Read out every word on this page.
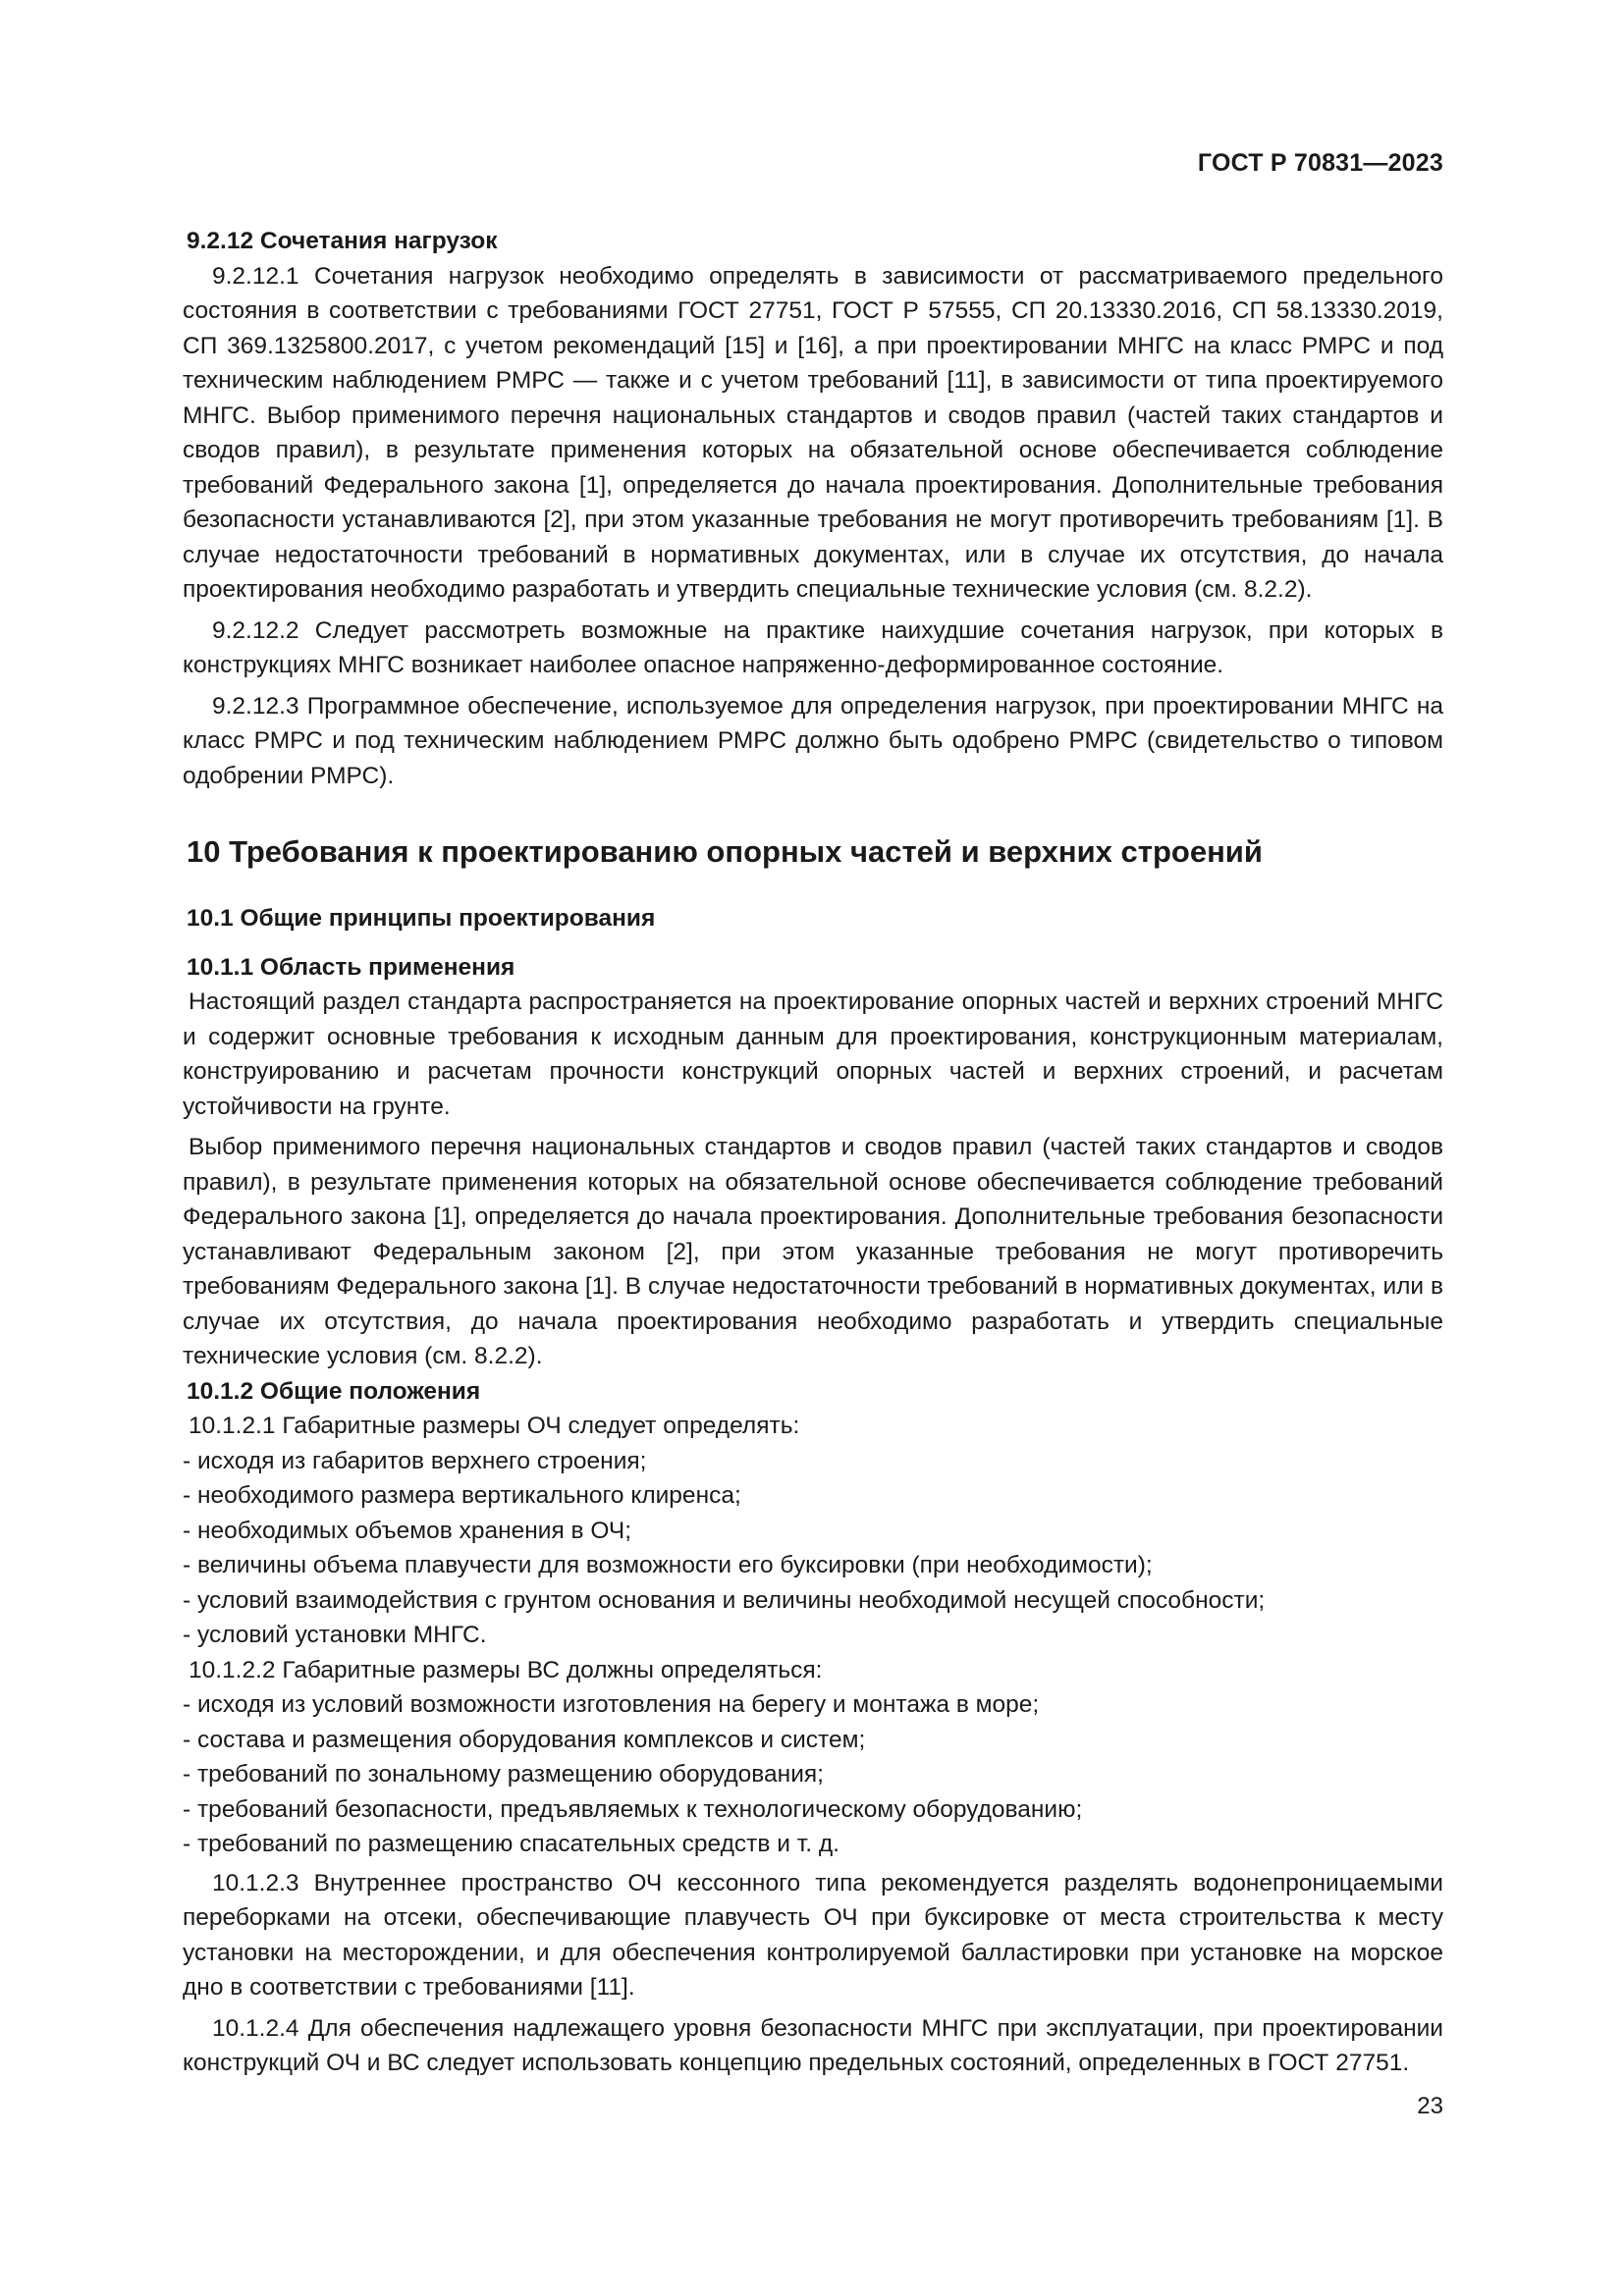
ГОСТ Р 70831—2023
9.2.12 Сочетания нагрузок

9.2.12.1 Сочетания нагрузок необходимо определять в зависимости от рассматриваемого предельного состояния в соответствии с требованиями ГОСТ 27751, ГОСТ Р 57555, СП 20.13330.2016, СП 58.13330.2019, СП 369.1325800.2017, с учетом рекомендаций [15] и [16], а при проектировании МНГС на класс РМРС и под техническим наблюдением РМРС — также и с учетом требований [11], в зависимости от типа проектируемого МНГС. Выбор применимого перечня национальных стандартов и сводов правил (частей таких стандартов и сводов правил), в результате применения которых на обязательной основе обеспечивается соблюдение требований Федерального закона [1], определяется до начала проектирования. Дополнительные требования безопасности устанавливаются [2], при этом указанные требования не могут противоречить требованиям [1]. В случае недостаточности требований в нормативных документах, или в случае их отсутствия, до начала проектирования необходимо разработать и утвердить специальные технические условия (см. 8.2.2).

9.2.12.2 Следует рассмотреть возможные на практике наихудшие сочетания нагрузок, при которых в конструкциях МНГС возникает наиболее опасное напряженно-деформированное состояние.

9.2.12.3 Программное обеспечение, используемое для определения нагрузок, при проектировании МНГС на класс РМРС и под техническим наблюдением РМРС должно быть одобрено РМРС (свидетельство о типовом одобрении РМРС).

10 Требования к проектированию опорных частей и верхних строений
10.1 Общие принципы проектирования
10.1.1 Область применения

Настоящий раздел стандарта распространяется на проектирование опорных частей и верхних строений МНГС и содержит основные требования к исходным данным для проектирования, конструкционным материалам, конструированию и расчетам прочности конструкций опорных частей и верхних строений, и расчетам устойчивости на грунте.

Выбор применимого перечня национальных стандартов и сводов правил (частей таких стандартов и сводов правил), в результате применения которых на обязательной основе обеспечивается соблюдение требований Федерального закона [1], определяется до начала проектирования. Дополнительные требования безопасности устанавливают Федеральным законом [2], при этом указанные требования не могут противоречить требованиям Федерального закона [1]. В случае недостаточности требований в нормативных документах, или в случае их отсутствия, до начала проектирования необходимо разработать и утвердить специальные технические условия (см. 8.2.2).

10.1.2 Общие положения

10.1.2.1 Габаритные размеры ОЧ следует определять:

- исходя из габаритов верхнего строения;
- необходимого размера вертикального клиренса;
- необходимых объемов хранения в ОЧ;
- величины объема плавучести для возможности его буксировки (при необходимости);
- условий взаимодействия с грунтом основания и величины необходимой несущей способности;
- условий установки МНГС.

10.1.2.2 Габаритные размеры ВС должны определяться:

- исходя из условий возможности изготовления на берегу и монтажа в море;
- состава и размещения оборудования комплексов и систем;
- требований по зональному размещению оборудования;
- требований безопасности, предъявляемых к технологическому оборудованию;
- требований по размещению спасательных средств и т. д.

10.1.2.3 Внутреннее пространство ОЧ кессонного типа рекомендуется разделять водонепроницаемыми переборками на отсеки, обеспечивающие плавучесть ОЧ при буксировке от места строительства к месту установки на месторождении, и для обеспечения контролируемой балластировки при установке на морское дно в соответствии с требованиями [11].

10.1.2.4 Для обеспечения надлежащего уровня безопасности МНГС при эксплуатации, при проектировании конструкций ОЧ и ВС следует использовать концепцию предельных состояний, определенных в ГОСТ 27751.

23
